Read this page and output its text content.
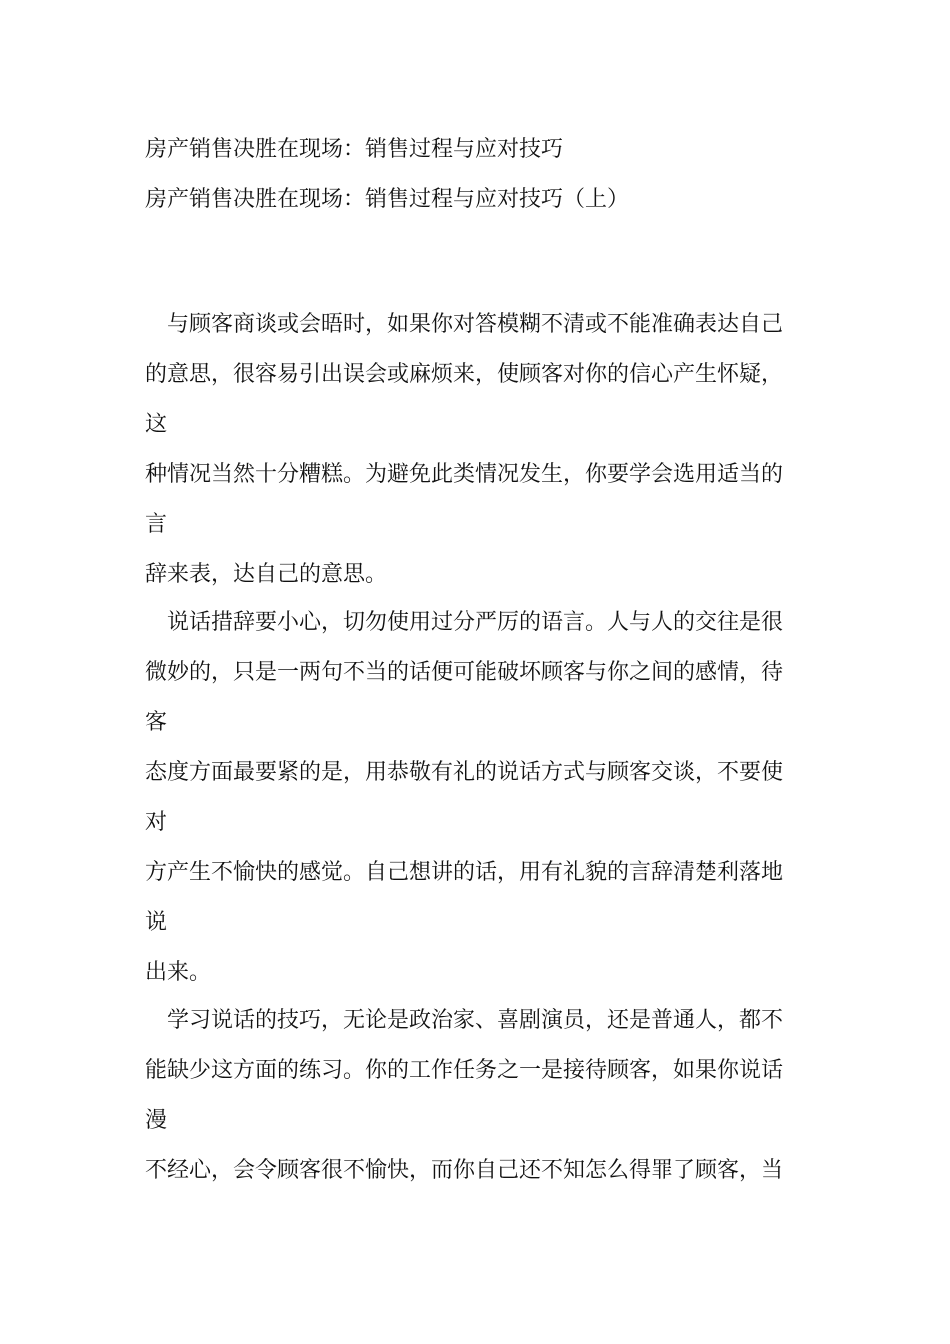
房产销售决胜在现场：销售过程与应对技巧
房产销售决胜在现场：销售过程与应对技巧（上）
与顾客商谈或会晤时，如果你对答模糊不清或不能准确表达自己
的意思，很容易引出误会或麻烦来，使顾客对你的信心产生怀疑，
这
种情况当然十分糟糕。为避免此类情况发生，你要学会选用适当的
言
辞来表，达自己的意思。
说话措辞要小心，切勿使用过分严厉的语言。人与人的交往是很
微妙的，只是一两句不当的话便可能破坏顾客与你之间的感情，待
客
态度方面最要紧的是，用恭敬有礼的说话方式与顾客交谈，不要使
对
方产生不愉快的感觉。自己想讲的话，用有礼貌的言辞清楚利落地
说
出来。
学习说话的技巧，无论是政治家、喜剧演员，还是普通人，都不
能缺少这方面的练习。你的工作任务之一是接待顾客，如果你说话
漫
不经心，会令顾客很不愉快，而你自己还不知怎么得罪了顾客，当
